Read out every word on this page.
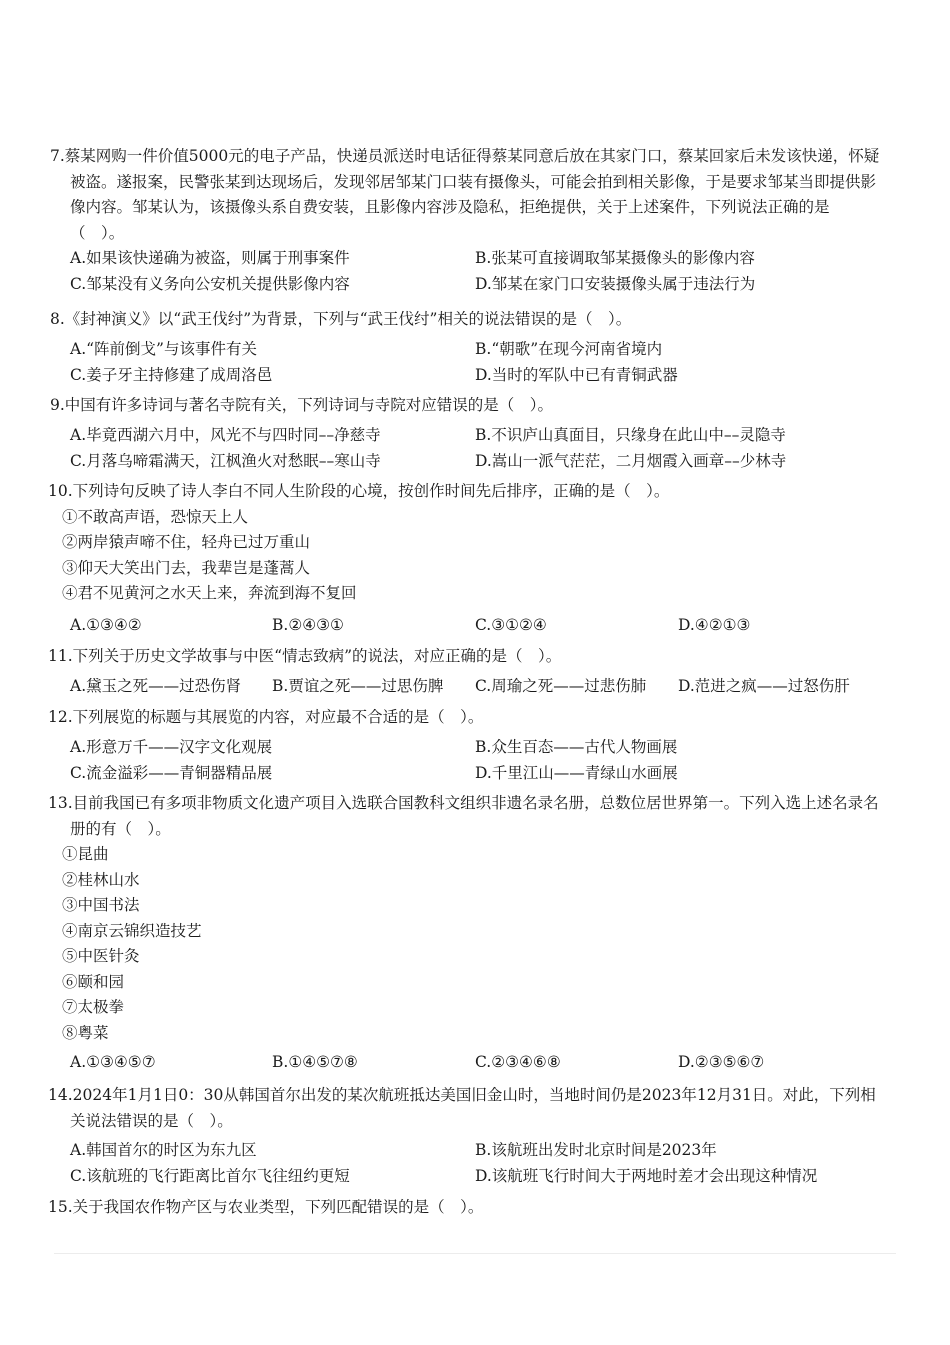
7.蔡某网购一件价值5000元的电子产品，快递员派送时电话征得蔡某同意后放在其家门口，蔡某回家后未发该快递，怀疑被盗。遂报案，民警张某到达现场后，发现邻居邹某门口装有摄像头，可能会拍到相关影像，于是要求邹某当即提供影像内容。邹某认为，该摄像头系自费安装，且影像内容涉及隐私，拒绝提供，关于上述案件，下列说法正确的是（　）。
A.如果该快递确为被盗，则属于刑事案件	B.张某可直接调取邹某摄像头的影像内容
C.邹某没有义务向公安机关提供影像内容	D.邹某在家门口安装摄像头属于违法行为
8.《封神演义》以“武王伐纣”为背景，下列与“武王伐纣”相关的说法错误的是（　）。
A.“阵前倒戈”与该事件有关	B.“朝歌”在现今河南省境内
C.姜子牙主持修建了成周洛邑	D.当时的军队中已有青铜武器
9.中国有许多诗词与著名寺院有关，下列诗词与寺院对应错误的是（　）。
A.毕竟西湖六月中，风光不与四时同––净慈寺	B.不识庐山真面目，只缘身在此山中––灵隐寺
C.月落乌啼霜满天，江枫渔火对愁眠––寒山寺	D.嵩山一派气茫茫，二月烟霞入画章––少林寺
10.下列诗句反映了诗人李白不同人生阶段的心境，按创作时间先后排序，正确的是（　）。
①不敢高声语，恐惊天上人
②两岸猿声啼不住，轻舟已过万重山
③仰天大笑出门去，我辈岂是蓬蒿人
④君不见黄河之水天上来，奔流到海不复回
A.①③④②	B.②④③①	C.③①②④	D.④②①③
11.下列关于历史文学故事与中医“情志致病”的说法，对应正确的是（　）。
A.黛玉之死——过恐伤肾 B.贾谊之死——过思伤脾 C.周瑜之死——过悲伤肺 D.范进之疯——过怒伤肝
12.下列展览的标题与其展览的内容，对应最不合适的是（　）。
A.形意万千——汉字文化观展	B.众生百态——古代人物画展
C.流金溢彩——青铜器精品展	D.千里江山——青绿山水画展
13.目前我国已有多项非物质文化遗产项目入选联合国教科文组织非遗名录名册，总数位居世界第一。下列入选上述名录名册的有（　）。
①昆曲
②桂林山水
③中国书法
④南京云锦织造技艺
⑤中医针灸
⑥颐和园
⑦太极拳
⑧粤菜
A.①③④⑤⑦	B.①④⑤⑦⑧	C.②③④⑥⑧	D.②③⑤⑥⑦
14.2024年1月1日0：30从韩国首尔出发的某次航班抵达美国旧金山时，当地时间仍是2023年12月31日。对此，下列相关说法错误的是（　）。
A.韩国首尔的时区为东九区	B.该航班出发时北京时间是2023年
C.该航班的飞行距离比首尔飞往纽约更短	D.该航班飞行时间大于两地时差才会出现这种情况
15.关于我国农作物产区与农业类型，下列匹配错误的是（　）。
